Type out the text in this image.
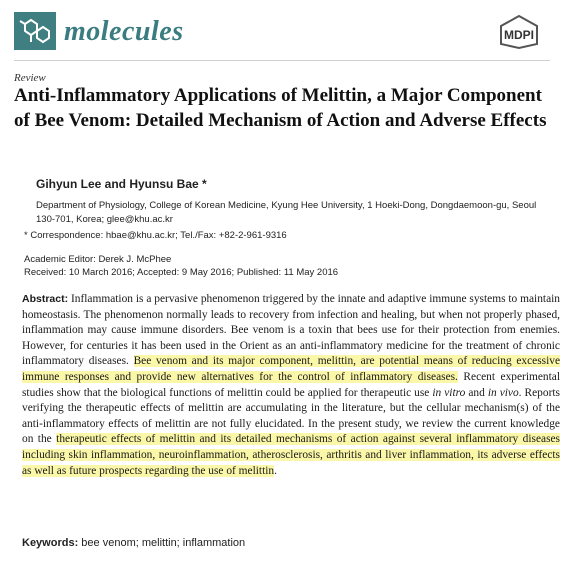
molecules	MDPI
Review
Anti-Inflammatory Applications of Melittin, a Major Component of Bee Venom: Detailed Mechanism of Action and Adverse Effects
Gihyun Lee and Hyunsu Bae *
Department of Physiology, College of Korean Medicine, Kyung Hee University, 1 Hoeki-Dong, Dongdaemoon-gu, Seoul 130-701, Korea; glee@khu.ac.kr
* Correspondence: hbae@khu.ac.kr; Tel./Fax: +82-2-961-9316
Academic Editor: Derek J. McPhee
Received: 10 March 2016; Accepted: 9 May 2016; Published: 11 May 2016

Abstract: Inflammation is a pervasive phenomenon triggered by the innate and adaptive immune systems to maintain homeostasis. The phenomenon normally leads to recovery from infection and healing, but when not properly phased, inflammation may cause immune disorders. Bee venom is a toxin that bees use for their protection from enemies. However, for centuries it has been used in the Orient as an anti-inflammatory medicine for the treatment of chronic inflammatory diseases. Bee venom and its major component, melittin, are potential means of reducing excessive immune responses and provide new alternatives for the control of inflammatory diseases. Recent experimental studies show that the biological functions of melittin could be applied for therapeutic use in vitro and in vivo. Reports verifying the therapeutic effects of melittin are accumulating in the literature, but the cellular mechanism(s) of the anti-inflammatory effects of melittin are not fully elucidated. In the present study, we review the current knowledge on the therapeutic effects of melittin and its detailed mechanisms of action against several inflammatory diseases including skin inflammation, neuroinflammation, atherosclerosis, arthritis and liver inflammation, its adverse effects as well as future prospects regarding the use of melittin.

Keywords: bee venom; melittin; inflammation
